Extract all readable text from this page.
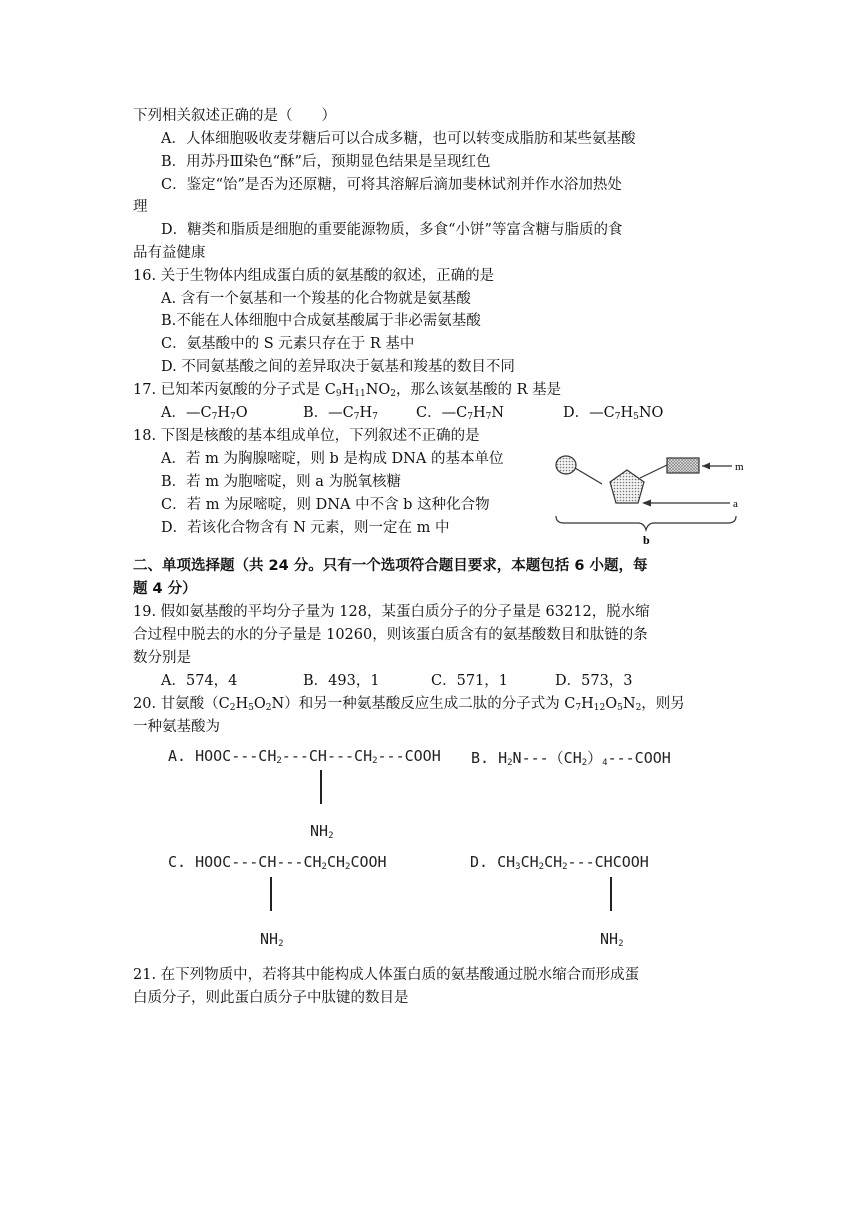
下列相关叙述正确的是（　　）
A．人体细胞吸收麦芽糖后可以合成多糖，也可以转变成脂肪和某些氨基酸
B．用苏丹Ⅲ染色“酥”后，预期显色结果是呈现红色
C．鉴定“饴”是否为还原糖，可将其溶解后滴加斐林试剂并作水浴加热处
理
D．糖类和脂质是细胞的重要能源物质，多食“小饼”等富含糖与脂质的食
品有益健康
16. 关于生物体内组成蛋白质的氨基酸的叙述，正确的是
A. 含有一个氨基和一个羧基的化合物就是氨基酸
B.不能在人体细胞中合成氨基酸属于非必需氨基酸
C．氨基酸中的 S 元素只存在于 R 基中
D. 不同氨基酸之间的差异取决于氨基和羧基的数目不同
17. 已知苯丙氨酸的分子式是 $C_9H_{11}NO_2$，那么该氨基酸的 R 基是
A．$—C_7H_7O$	B．$—C_7H_7$	C．$—C_7H_7N$	D．$—C_7H_5NO$
18. 下图是核酸的基本组成单位，下列叙述不正确的是
A．若 m 为胸腺嘧啶，则 b 是构成 DNA 的基本单位
B．若 m 为胞嘧啶，则 a 为脱氧核糖
C．若 m 为尿嘧啶，则 DNA 中不含 b 这种化合物
D．若该化合物含有 N 元素，则一定在 m 中
m
a
b
二、单项选择题（共 24 分。只有一个选项符合题目要求，本题包括 6 小题，每
题 4 分）
19. 假如氨基酸的平均分子量为 128，某蛋白质分子的分子量是 63212，脱水缩
合过程中脱去的水的分子量是 10260，则该蛋白质含有的氨基酸数目和肽链的条
数分别是
A．574，4	B．493，1	C．571，1	D．573，3
20. 甘氨酸$(C_2H_5O_2N)$和另一种氨基酸反应生成二肽的分子式为 $C_7H_{12}O_5N_2$，则另
一种氨基酸为
A. HOOC-$--CH_2---CH---CH_2--$-COOH
$NH_2$
B. $H_2N---(CH_2)_4--$-COOH
C. HOOC-$--CH---CH_2CH_2COOH$
$NH_2$
D. $CH_3CH_2CH_2--$-CHCOOH
$NH_2$
21. 在下列物质中，若将其中能构成人体蛋白质的氨基酸通过脱水缩合而形成蛋
白质分子，则此蛋白质分子中肽键的数目是
